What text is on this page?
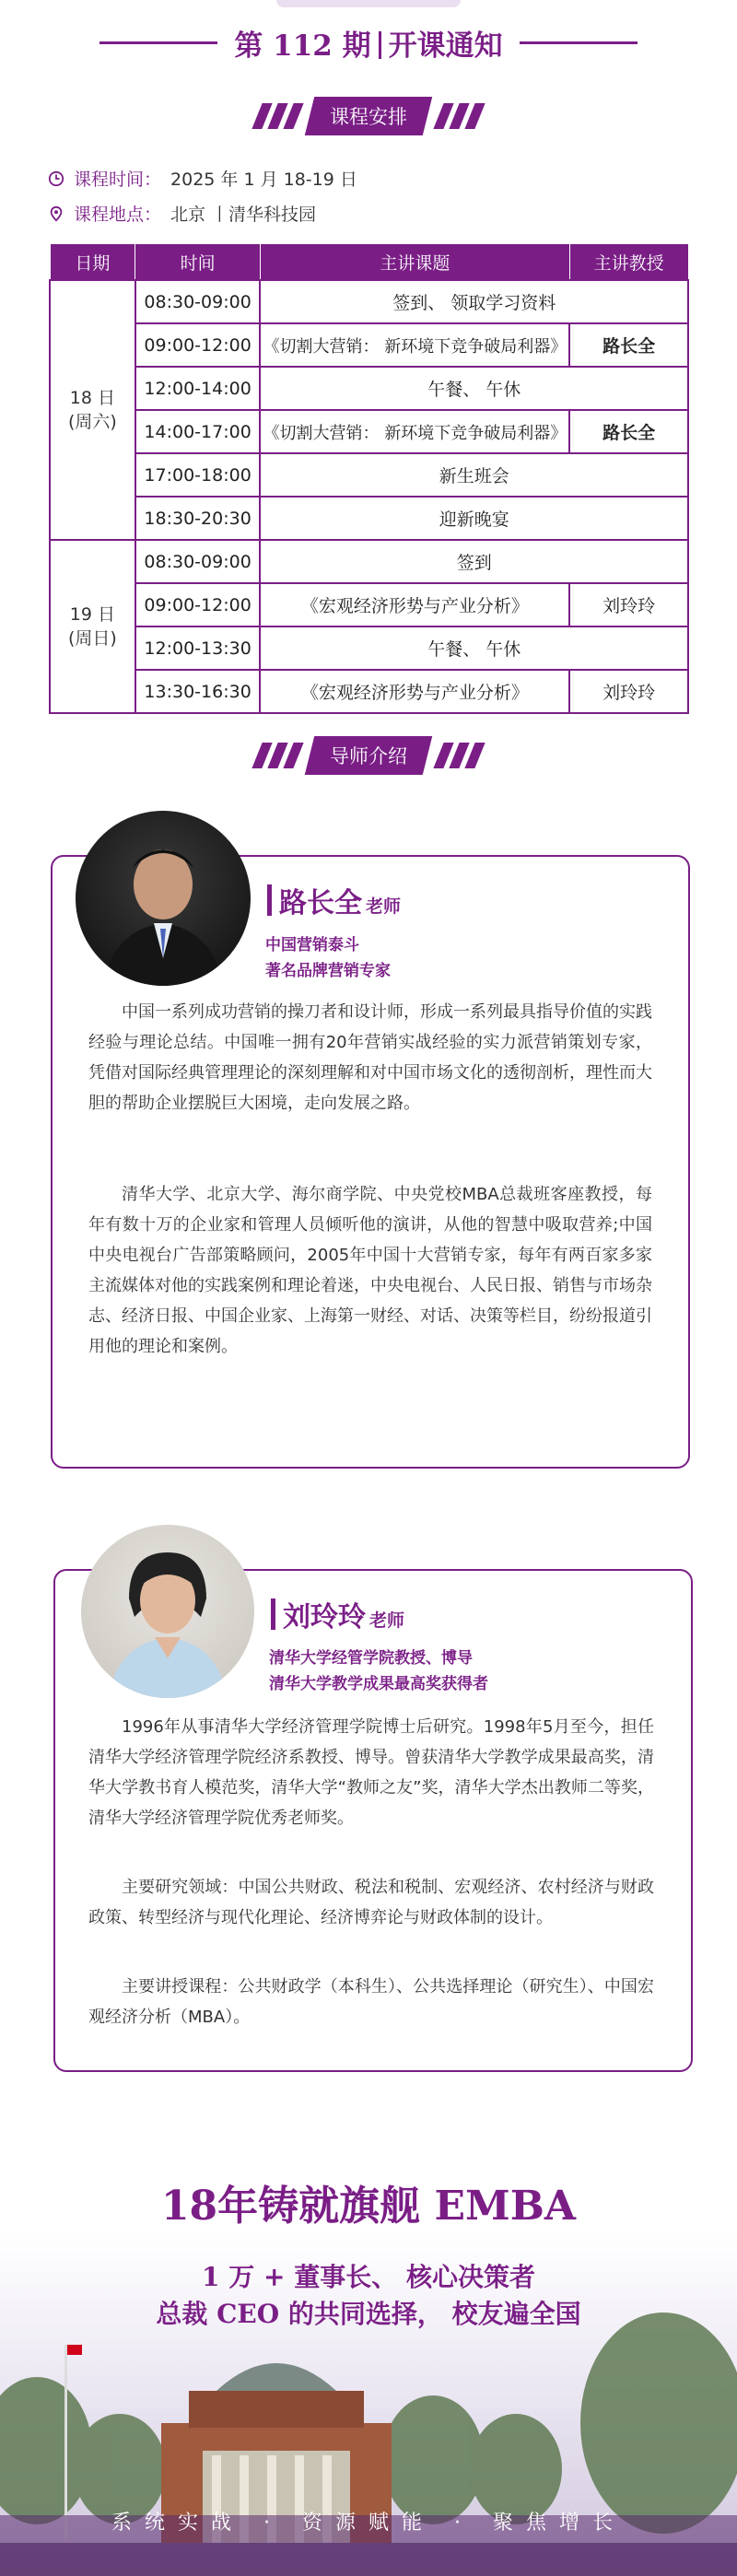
第 112 期 开课通知
课程安排
课程时间： 2025 年 1 月 18-19 日
课程地点： 北京 丨清华科技园
日期	时间	主讲课题	主讲教授

18 日
(周六)	08:30-09:00	签到、 领取学习资料	
	09:00-12:00	《切割大营销： 新环境下竞争破局利器》	路长全
	12:00-14:00	午餐、 午休	
	14:00-17:00	《切割大营销： 新环境下竞争破局利器》	路长全
	17:00-18:00	新生班会	
	18:30-20:30	迎新晚宴	

19 日
(周日)	08:30-09:00	签到	
	09:00-12:00	《宏观经济形势与产业分析》	刘玲玲
	12:00-13:30	午餐、 午休	
	13:30-16:30	《宏观经济形势与产业分析》	刘玲玲
导师介绍
路长全 老师
中国营销泰斗
著名品牌营销专家

中国一系列成功营销的操刀者和设计师，形成一系列最具指导价值的实践经验与理论总结。中国唯一拥有20年营销实战经验的实力派营销策划专家，凭借对国际经典管理理论的深刻理解和对中国市场文化的透彻剖析，理性而大胆的帮助企业摆脱巨大困境，走向发展之路。

清华大学、北京大学、海尔商学院、中央党校MBA总裁班客座教授，每年有数十万的企业家和管理人员倾听他的演讲，从他的智慧中吸取营养;中国中央电视台广告部策略顾问，2005年中国十大营销专家，每年有两百家多家主流媒体对他的实践案例和理论着迷，中央电视台、人民日报、销售与市场杂志、经济日报、中国企业家、上海第一财经、对话、决策等栏目，纷纷报道引用他的理论和案例。

刘玲玲 老师
清华大学经管学院教授、博导
清华大学教学成果最高奖获得者

1996年从事清华大学经济管理学院博士后研究。1998年5月至今，担任清华大学经济管理学院经济系教授、博导。曾获清华大学教学成果最高奖，清华大学教书育人模范奖，清华大学“教师之友”奖，清华大学杰出教师二等奖，清华大学经济管理学院优秀老师奖。

主要研究领域：中国公共财政、税法和税制、宏观经济、农村经济与财政政策、转型经济与现代化理论、经济博弈论与财政体制的设计。

主要讲授课程：公共财政学（本科生）、公共选择理论（研究生）、中国宏观经济分析（MBA）。

18年铸就旗舰 EMBA
1 万 + 董事长、 核心决策者
总裁 CEO 的共同选择， 校友遍全国
系统实战 · 资源赋能 · 聚焦增长
